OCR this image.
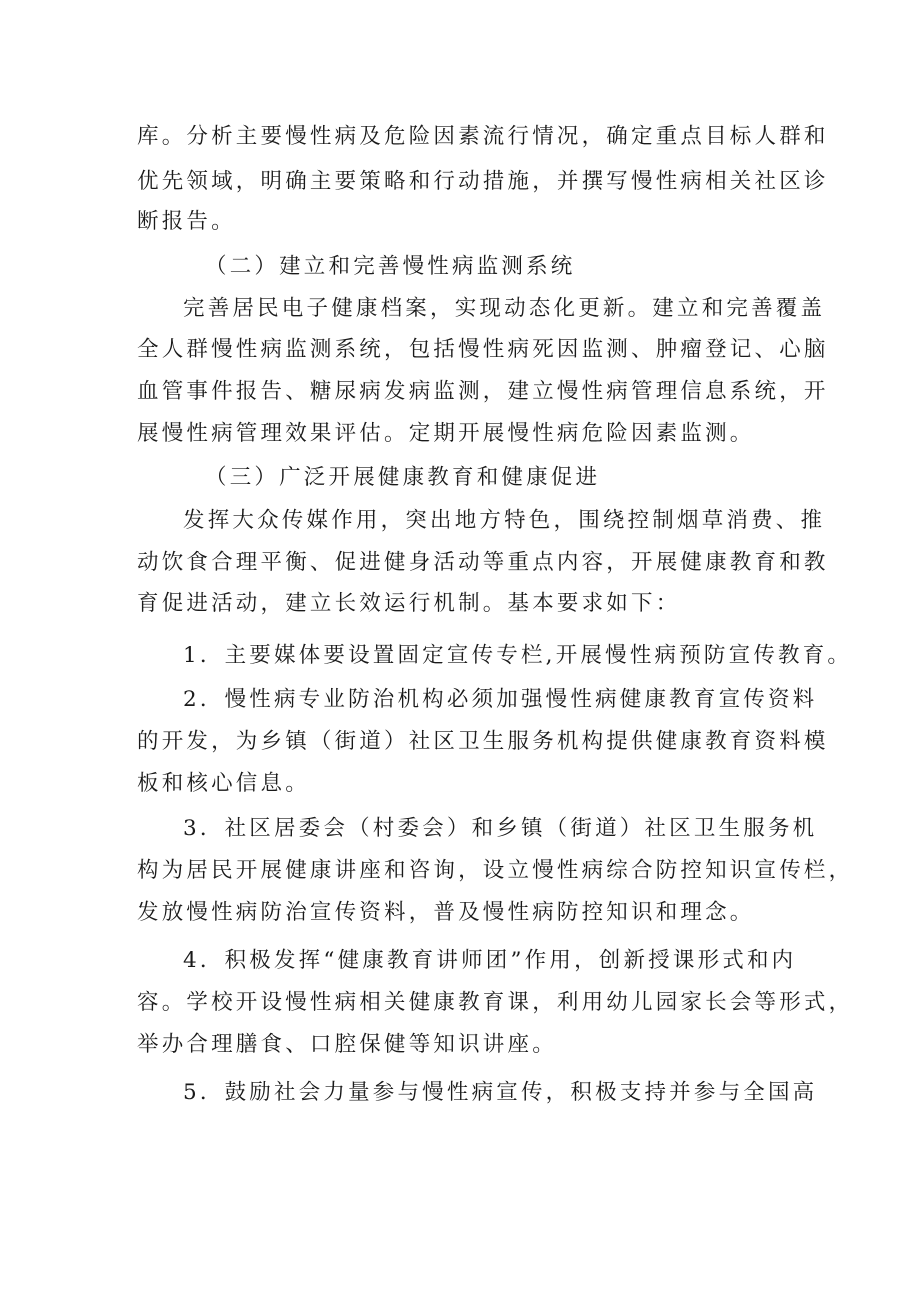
库。分析主要慢性病及危险因素流行情况，确定重点目标人群和
优先领域，明确主要策略和行动措施，并撰写慢性病相关社区诊
断报告。
（二）建立和完善慢性病监测系统
完善居民电子健康档案，实现动态化更新。建立和完善覆盖
全人群慢性病监测系统，包括慢性病死因监测、肿瘤登记、心脑
血管事件报告、糖尿病发病监测，建立慢性病管理信息系统，开
展慢性病管理效果评估。定期开展慢性病危险因素监测。
（三）广泛开展健康教育和健康促进
发挥大众传媒作用，突出地方特色，围绕控制烟草消费、推
动饮食合理平衡、促进健身活动等重点内容，开展健康教育和教
育促进活动，建立长效运行机制。基本要求如下：
1．主要媒体要设置固定宣传专栏,开展慢性病预防宣传教育。
2．慢性病专业防治机构必须加强慢性病健康教育宣传资料
的开发，为乡镇（街道）社区卫生服务机构提供健康教育资料模
板和核心信息。
3．社区居委会（村委会）和乡镇（街道）社区卫生服务机
构为居民开展健康讲座和咨询，设立慢性病综合防控知识宣传栏，
发放慢性病防治宣传资料，普及慢性病防控知识和理念。
4．积极发挥“健康教育讲师团”作用，创新授课形式和内
容。学校开设慢性病相关健康教育课，利用幼儿园家长会等形式，
举办合理膳食、口腔保健等知识讲座。
5．鼓励社会力量参与慢性病宣传，积极支持并参与全国高
